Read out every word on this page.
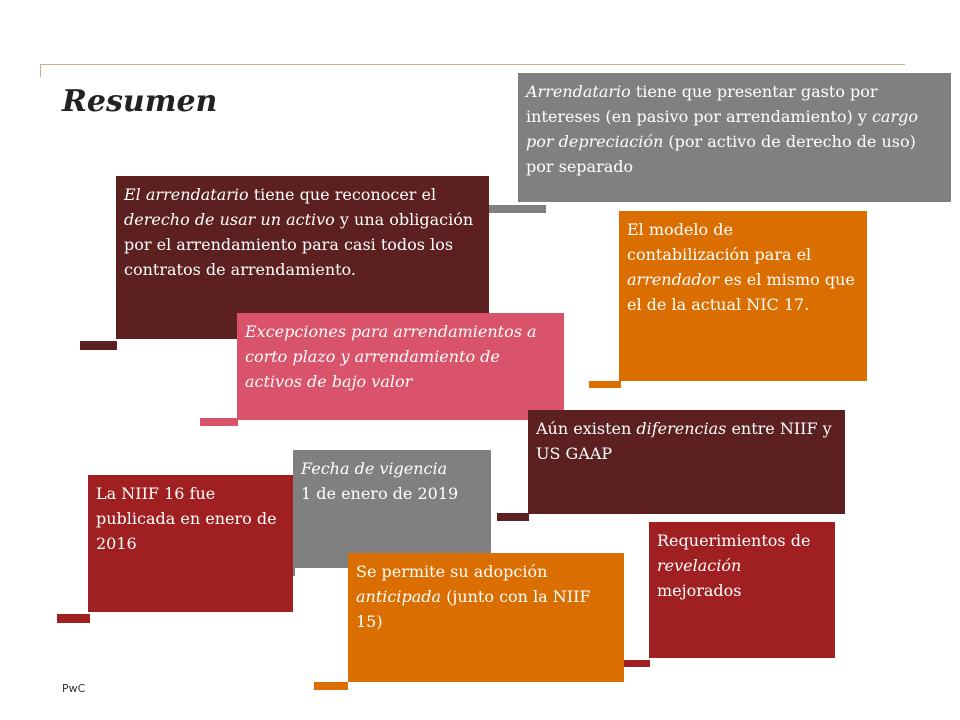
Resumen	Arrendatario tiene que presentar gasto por intereses (en pasivo por arrendamiento) y cargo por depreciación (por activo de derecho de uso) por separado
El arrendatario tiene que reconocer el derecho de usar un activo y una obligación por el arrendamiento para casi todos los contratos de arrendamiento.
El modelo de contabilización para el arrendador es el mismo que el de la actual NIC 17.
Excepciones para arrendamientos a corto plazo y arrendamiento de activos de bajo valor
Aún existen diferencias entre NIIF y US GAAP
Fecha de vigencia
1 de enero de 2019
La NIIF 16 fue publicada en enero de 2016	Requerimientos de revelación mejorados
Se permite su adopción anticipada (junto con la NIIF 15)
PwC
